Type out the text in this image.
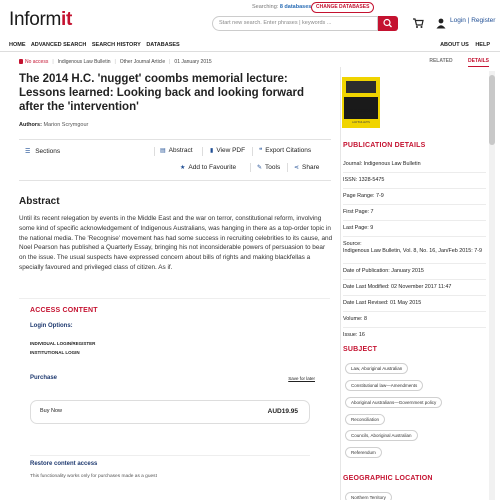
Informit
Searching: 8 databases CHANGE DATABASES
Start new search. Enter phrases | keywords ...	Login | Register
HOME ADVANCED SEARCH SEARCH HISTORY DATABASES	ABOUT US HELP
No access | Indigenous Law Bulletin | Other Journal Article | 01 January 2015	RELATED	DETAILS
The 2014 H.C. 'nugget' coombs memorial lecture: Lessons learned: Looking back and looking forward after the 'intervention'
Authors: Marion Scrymgour
☰ Sections	▤ Abstract	▮ View PDF ❝ Export Citations
★ Add to Favourite	✎ Tools ⋖ Share
Abstract
Until its recent relegation by events in the Middle East and the war on terror, constitutional reform, involving some kind of specific acknowledgement of Indigenous Australians, was hanging in there as a top-order topic in the national media. The 'Recognise' movement has had some success in recruiting celebrities to its cause, and Noel Pearson has published a Quarterly Essay, bringing his not inconsiderable powers of persuasion to bear on the issue. The usual suspects have expressed concern about bills of rights and making blackfellas a specially favoured and privileged class of citizen. As if.
ACCESS CONTENT
Login Options:
INDIVIDUAL LOGIN/REGISTER
INSTITUTIONAL LOGIN
Purchase	Save for later
Buy Now	AUD19.95
Restore content access
This functionality works only for purchases made as a guest
INDIGENOUS
LAW BULLETIN
PUBLICATION DETAILS
Journal: Indigenous Law Bulletin
ISSN: 1328-5475
Page Range: 7-9
First Page: 7
Last Page: 9
Source:
Indigenous Law Bulletin, Vol. 8, No. 16, Jan/Feb 2015: 7-9
Date of Publication: January 2015
Date Last Modified: 02 November 2017 11:47
Date Last Revised: 01 May 2015
Volume: 8
Issue: 16
SUBJECT
Law, Aboriginal Australian
Constitutional law—Amendments
Aboriginal Australians—Government policy
Reconciliation
Councils, Aboriginal Australian
Referendum
GEOGRAPHIC LOCATION
Northern Territory
